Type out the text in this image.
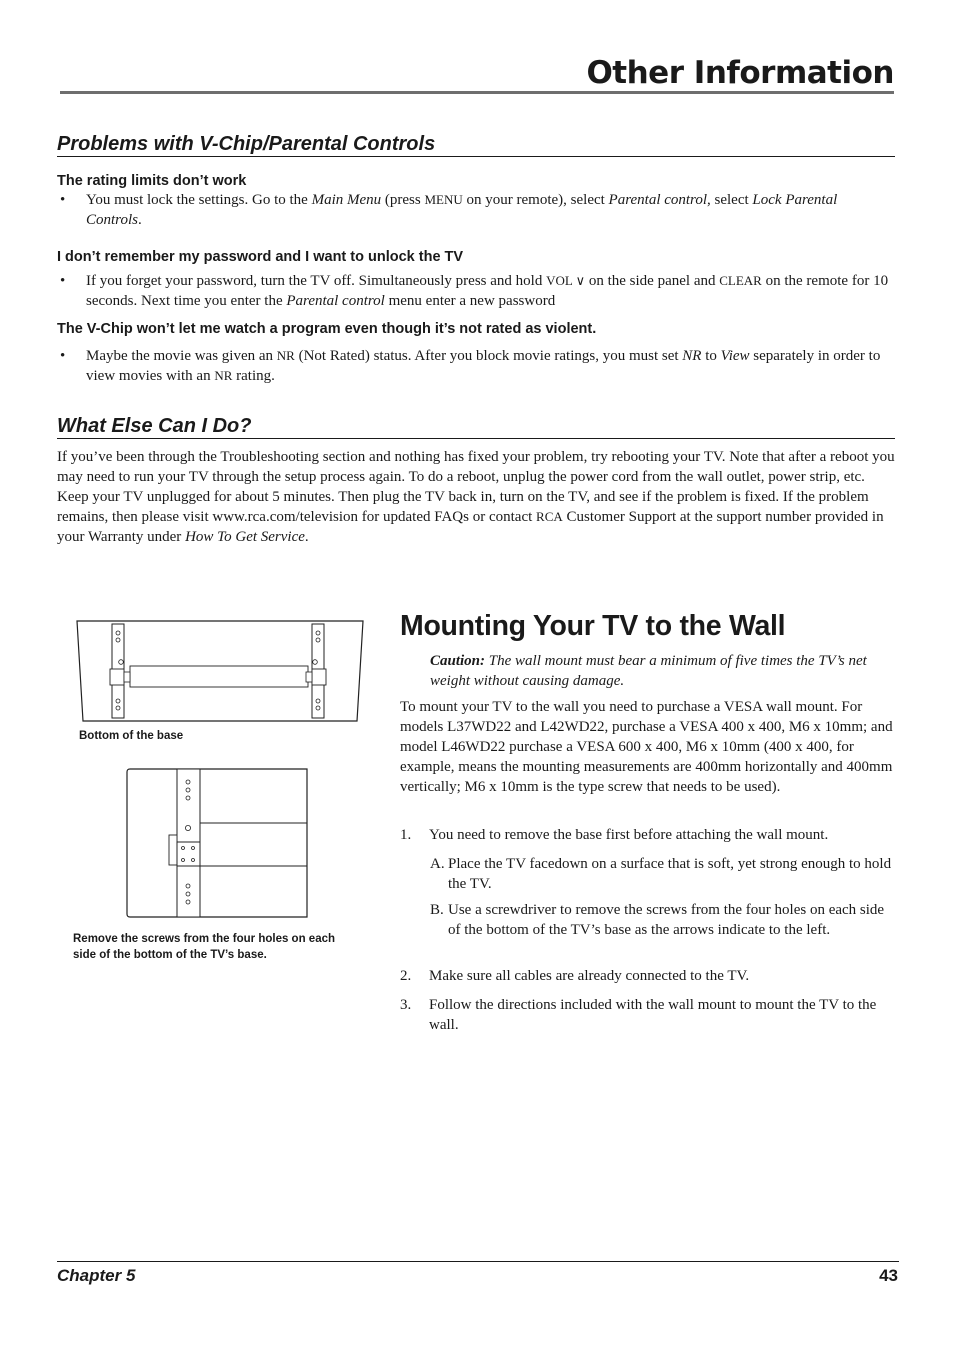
Other Information
Problems with V-Chip/Parental Controls
The rating limits don’t work
• You must lock the settings. Go to the Main Menu (press MENU on your remote), select Parental control, select Lock Parental Controls.
I don’t remember my password and I want to unlock the TV
• If you forget your password, turn the TV off. Simultaneously press and hold VOL ∨ on the side panel and CLEAR on the remote for 10 seconds. Next time you enter the Parental control menu enter a new password
The V-Chip won’t let me watch a program even though it’s not rated as violent.
• Maybe the movie was given an NR (Not Rated) status. After you block movie ratings, you must set NR to View separately in order to view movies with an NR rating.
What Else Can I Do?
If you’ve been through the Troubleshooting section and nothing has fixed your problem, try rebooting your TV. Note that after a reboot you may need to run your TV through the setup process again. To do a reboot, unplug the power cord from the wall outlet, power strip, etc. Keep your TV unplugged for about 5 minutes. Then plug the TV back in, turn on the TV, and see if the problem is fixed. If the problem remains, then please visit www.rca.com/television for updated FAQs or contact RCA Customer Support at the support number provided in your Warranty under How To Get Service.
Bottom of the base
Remove the screws from the four holes on each side of the bottom of the TV’s base.
Mounting Your TV to the Wall
Caution: The wall mount must bear a minimum of five times the TV’s net weight without causing damage.
To mount your TV to the wall you need to purchase a VESA wall mount. For models L37WD22 and L42WD22, purchase a VESA 400 x 400, M6 x 10mm; and model L46WD22 purchase a VESA 600 x 400, M6 x 10mm (400 x 400, for example, means the mounting measurements are 400mm horizontally and 400mm vertically; M6 x 10mm is the type screw that needs to be used).
1. You need to remove the base first before attaching the wall mount.
A. Place the TV facedown on a surface that is soft, yet strong enough to hold the TV.
B. Use a screwdriver to remove the screws from the four holes on each side of the bottom of the TV’s base as the arrows indicate to the left.
2. Make sure all cables are already connected to the TV.
3. Follow the directions included with the wall mount to mount the TV to the wall.
Chapter 5	43
